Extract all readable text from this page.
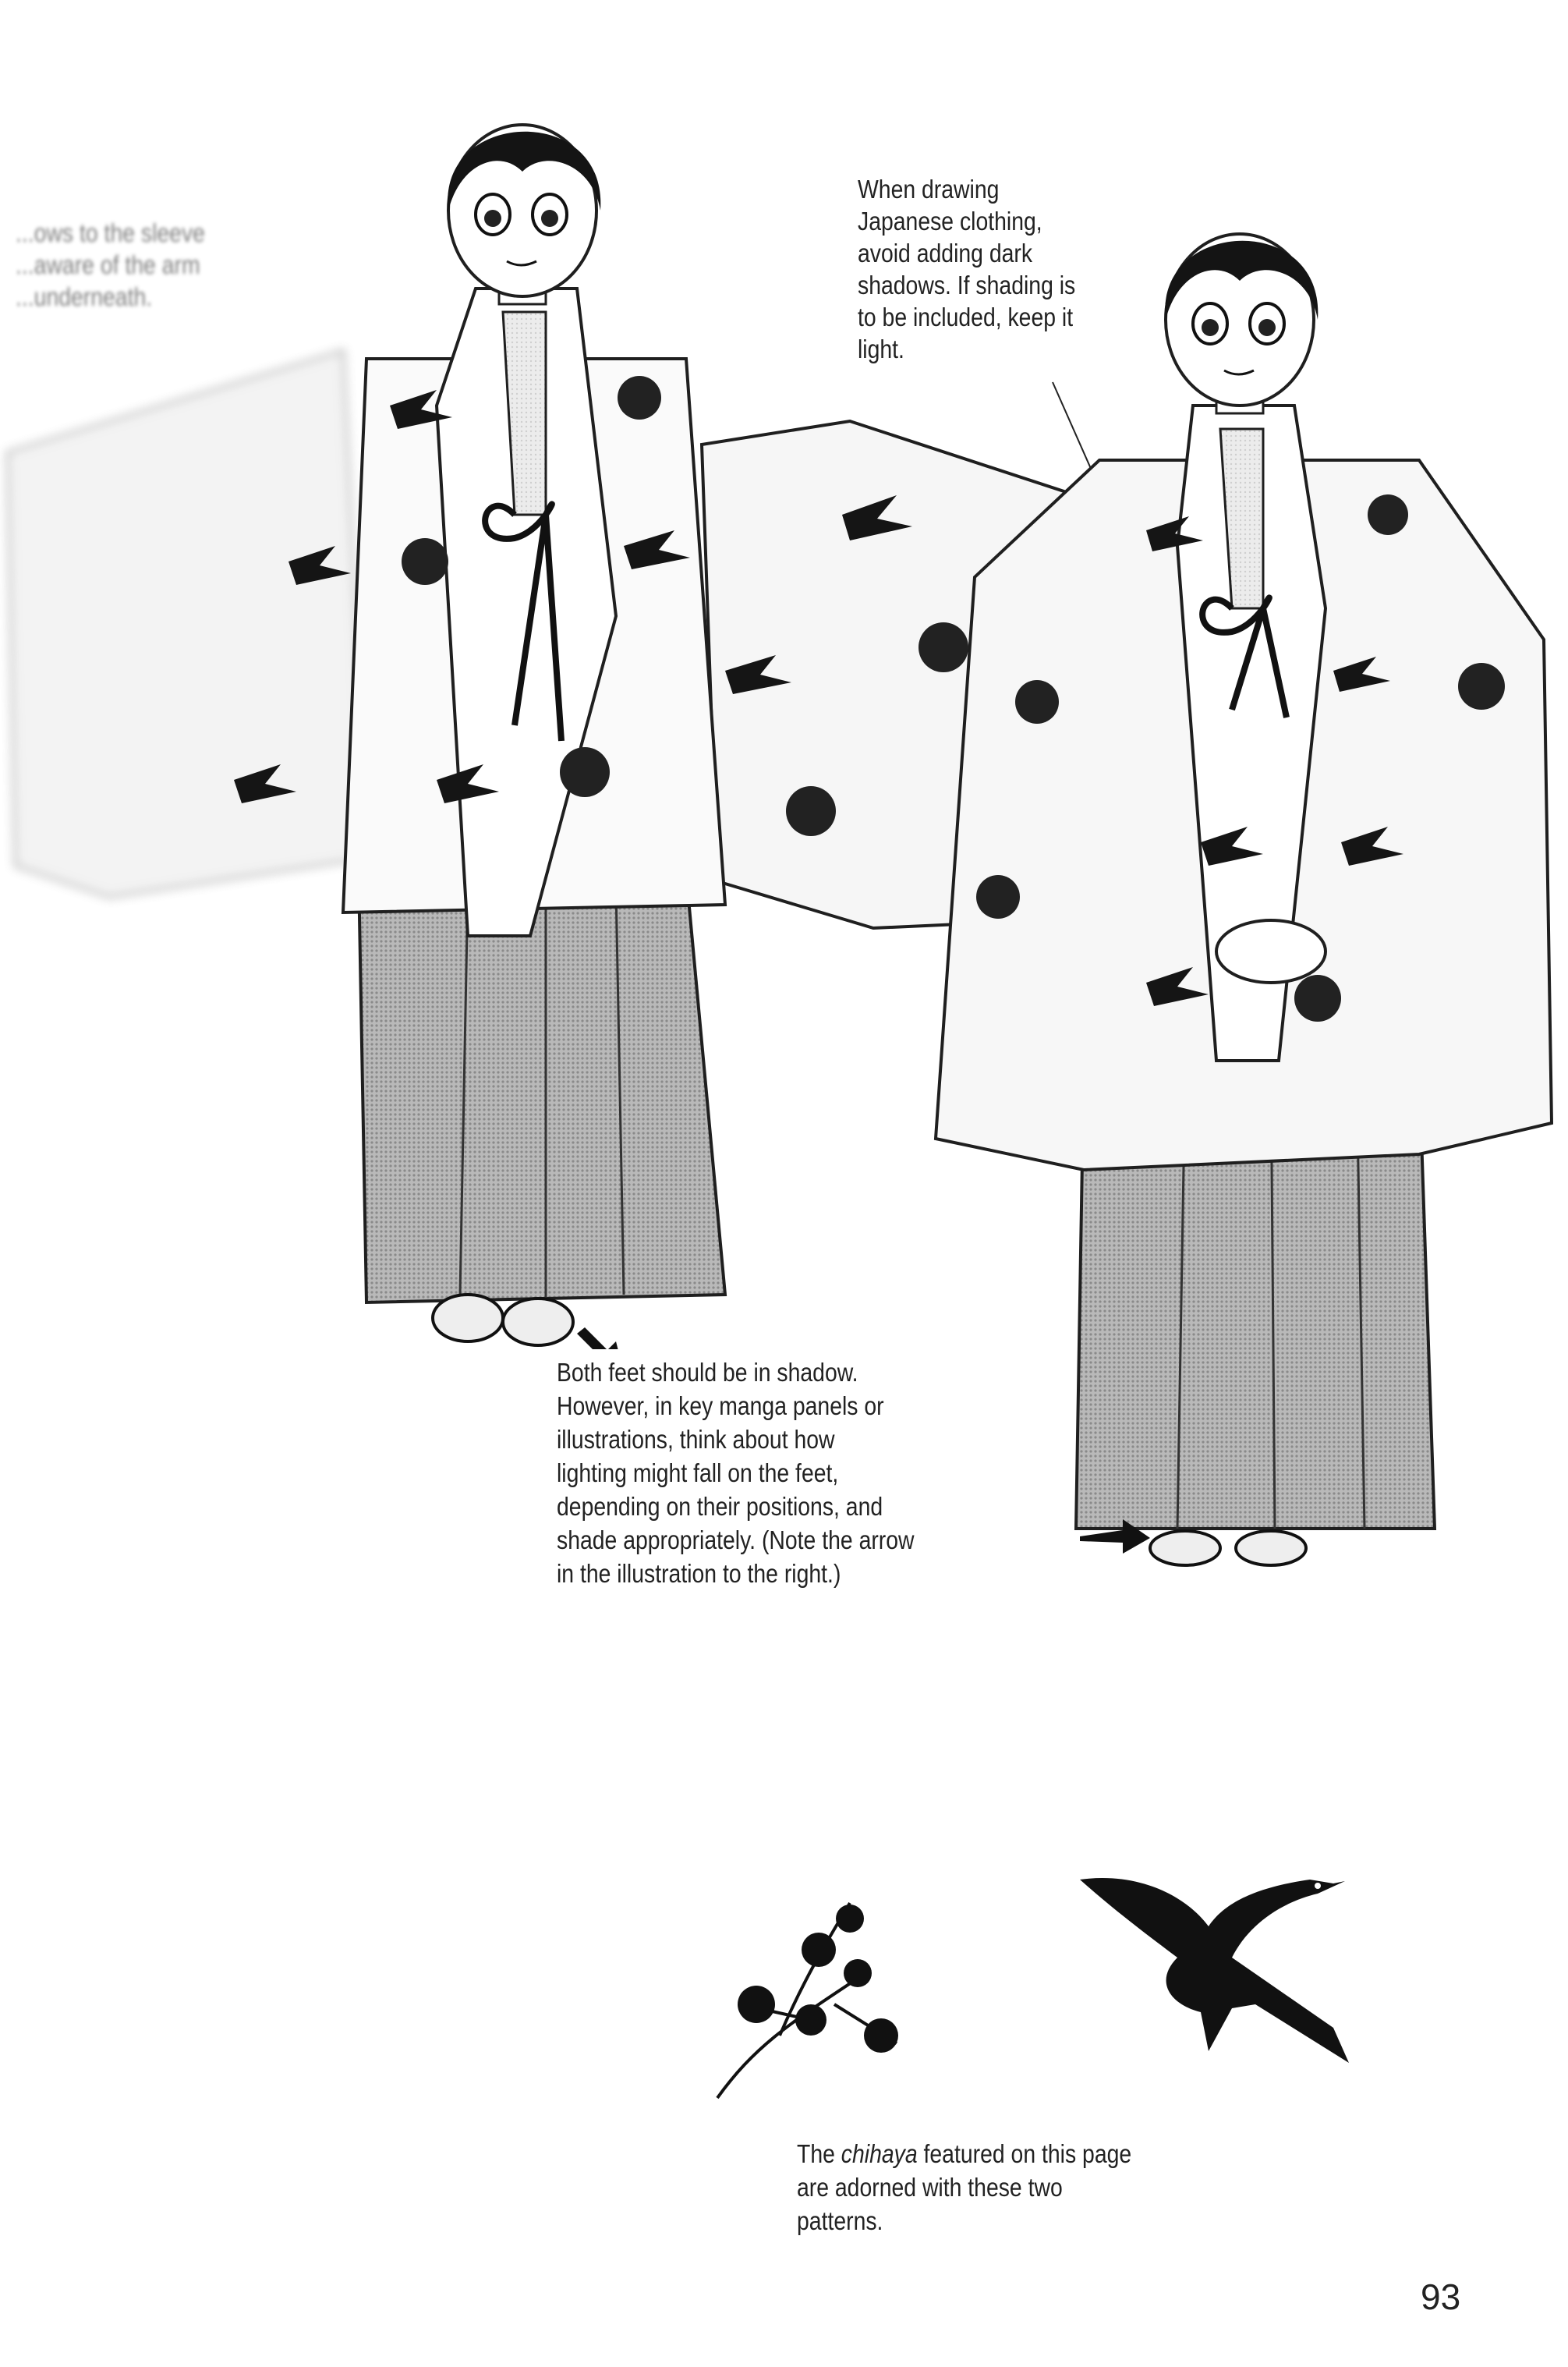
...ows to the sleeve
...aware of the arm
...underneath.
When drawing
Japanese clothing,
avoid adding dark
shadows. If shading is
to be included, keep it
light.
Both feet should be in shadow.
However, in key manga panels or
illustrations, think about how
lighting might fall on the feet,
depending on their positions, and
shade appropriately. (Note the arrow
in the illustration to the right.)
The chihaya featured on this page
are adorned with these two
patterns.
93
